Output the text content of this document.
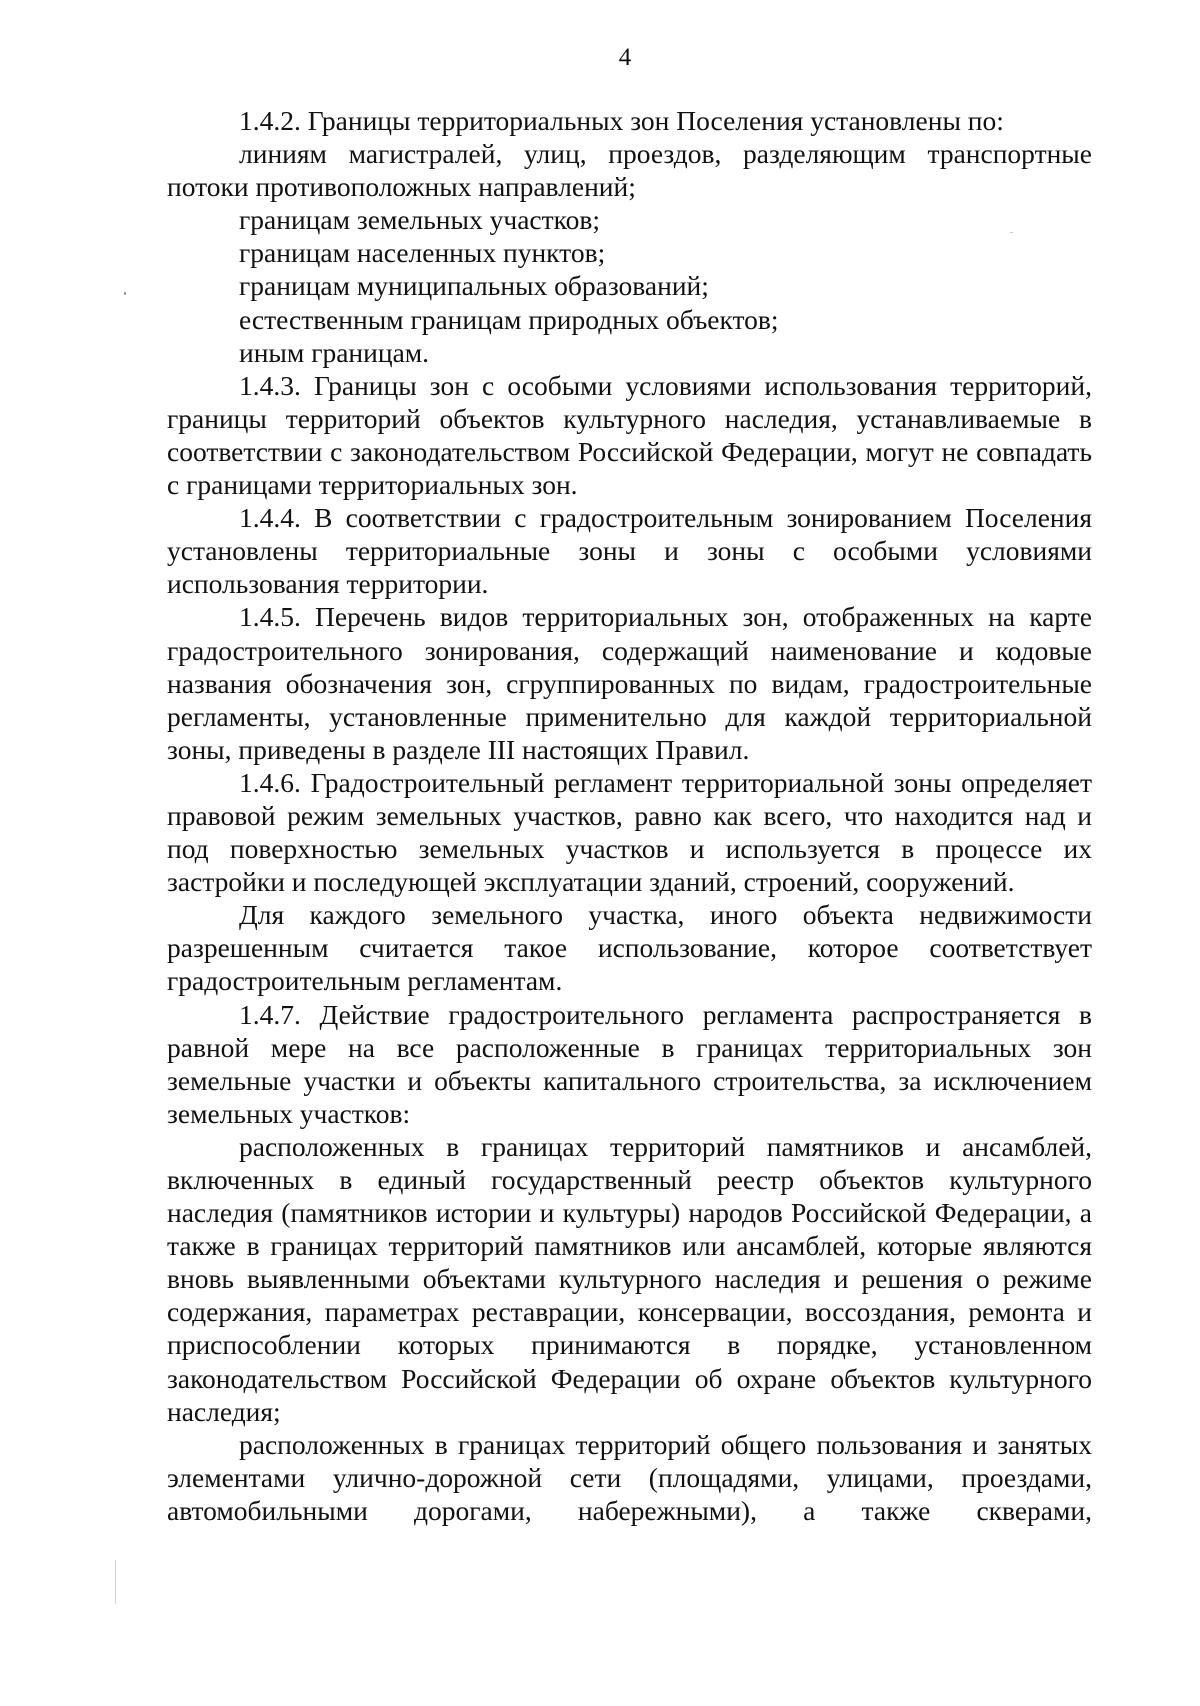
4

1.4.2. Границы территориальных зон Поселения установлены по:

линиям магистралей, улиц, проездов, разделяющим транспортные потоки противоположных направлений;

границам земельных участков;

границам населенных пунктов;

границам муниципальных образований;

естественным границам природных объектов;

иным границам.

1.4.3. Границы зон с особыми условиями использования территорий, границы территорий объектов культурного наследия, устанавливаемые в соответствии с законодательством Российской Федерации, могут не совпадать с границами территориальных зон.

1.4.4. В соответствии с градостроительным зонированием Поселения установлены территориальные зоны и зоны с особыми условиями использования территории.

1.4.5. Перечень видов территориальных зон, отображенных на карте градостроительного зонирования, содержащий наименование и кодовые названия обозначения зон, сгруппированных по видам, градостроительные регламенты, установленные применительно для каждой территориальной зоны, приведены в разделе III настоящих Правил.

1.4.6. Градостроительный регламент территориальной зоны определяет правовой режим земельных участков, равно как всего, что находится над и под поверхностью земельных участков и используется в процессе их застройки и последующей эксплуатации зданий, строений, сооружений.

Для каждого земельного участка, иного объекта недвижимости разрешенным считается такое использование, которое соответствует градостроительным регламентам.

1.4.7. Действие градостроительного регламента распространяется в равной мере на все расположенные в границах территориальных зон земельные участки и объекты капитального строительства, за исключением земельных участков:

расположенных в границах территорий памятников и ансамблей, включенных в единый государственный реестр объектов культурного наследия (памятников истории и культуры) народов Российской Федерации, а также в границах территорий памятников или ансамблей, которые являются вновь выявленными объектами культурного наследия и решения о режиме содержания, параметрах реставрации, консервации, воссоздания, ремонта и приспособлении которых принимаются в порядке, установленном законодательством Российской Федерации об охране объектов культурного наследия;

расположенных в границах территорий общего пользования и занятых элементами улично-дорожной сети (площадями, улицами, проездами, автомобильными дорогами, набережными), а также скверами,
